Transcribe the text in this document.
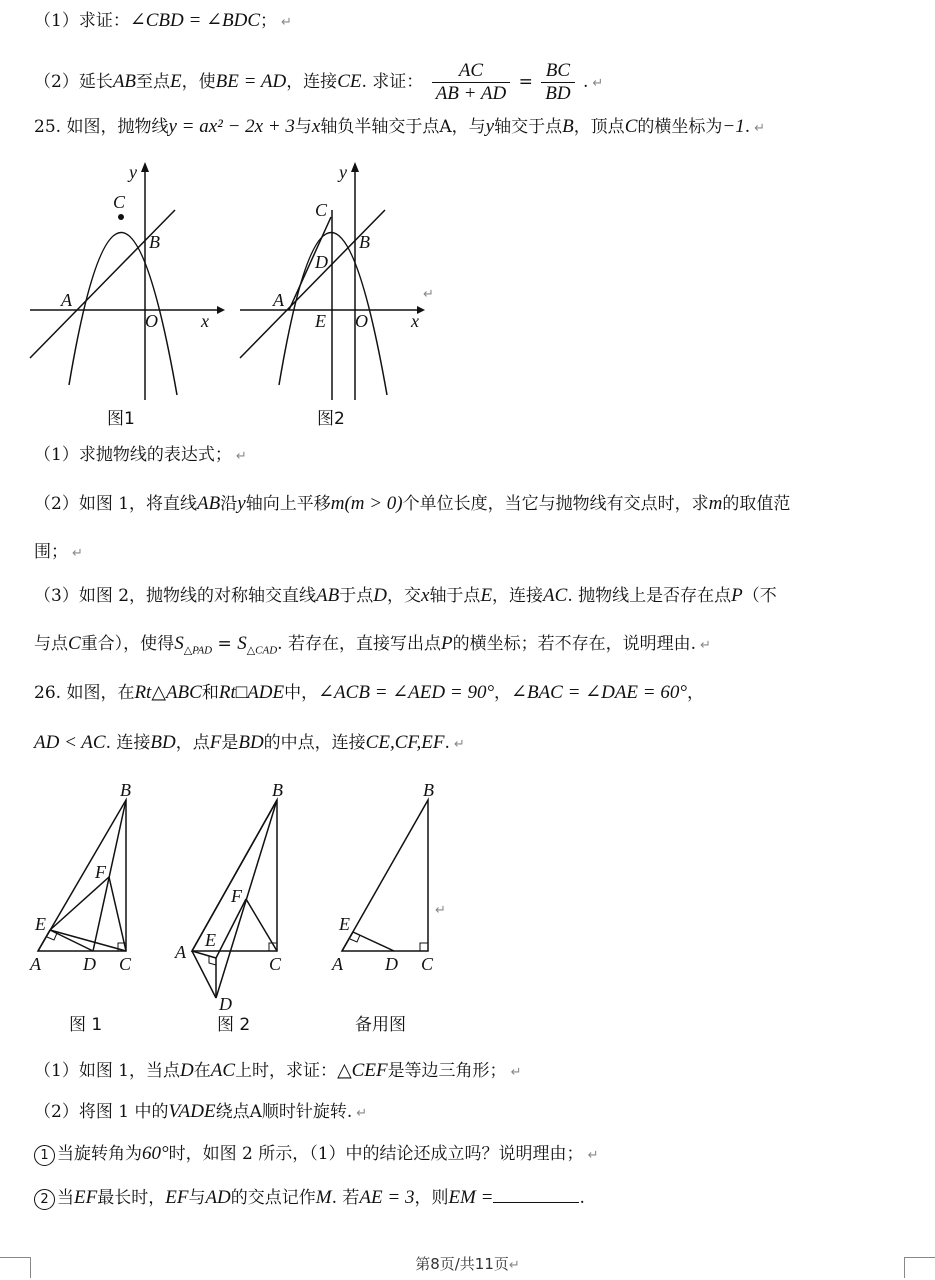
（1）求证：∠CBD = ∠BDC； ↵
（2）延长AB至点E，使BE = AD，连接CE. 求证： $\frac{AC}{AB + AD} = \frac{BC}{BD}$ . ↵
25. 如图，抛物线y = ax² − 2x + 3与x轴负半轴交于点A，与y轴交于点B，顶点C的横坐标为−1. ↵
y
x
C
B
A
O
图1
y
x
C
B
D
A
E O
图2
↵
（1）求抛物线的表达式； ↵
（2）如图 1，将直线AB沿y轴向上平移m(m > 0)个单位长度，当它与抛物线有交点时，求m的取值范
围； ↵
（3）如图 2，抛物线的对称轴交直线AB于点D，交x轴于点E，连接AC. 抛物线上是否存在点P（不
与点C重合），使得$S_{\triangle PAD} = S_{\triangle CAD}$. 若存在，直接写出点P的横坐标；若不存在，说明理由. ↵
26. 如图，在Rt△ABC和Rt□ADE中，∠ACB = ∠AED = 90°，∠BAC = ∠DAE = 60°，
AD < AC. 连接BD，点F是BD的中点，连接CE,CF,EF. ↵
B
F
E
A D C
图 1
B
F
E
A
C
D
图 2
B
E
A D C
备用图
↵
（1）如图 1，当点D在AC上时，求证：△CEF是等边三角形； ↵
（2）将图 1 中的VADE绕点A顺时针旋转. ↵
1 当旋转角为60°时，如图 2 所示，（1）中的结论还成立吗？说明理由； ↵
2 当EF最长时，EF与AD的交点记作M. 若AE = 3，则EM =	.
第8页/共11页↵
